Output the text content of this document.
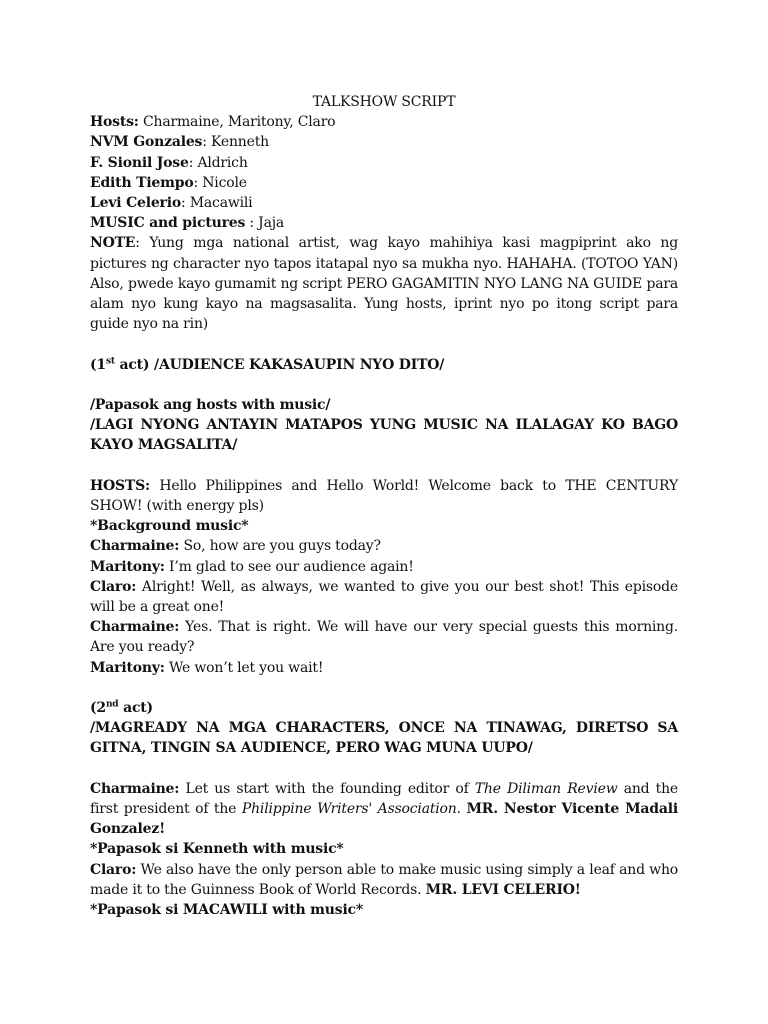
TALKSHOW SCRIPT

Hosts: Charmaine, Maritony, Claro

NVM Gonzales: Kenneth

F. Sionil Jose: Aldrich

Edith Tiempo: Nicole

Levi Celerio: Macawili

MUSIC and pictures : Jaja

NOTE: Yung mga national artist, wag kayo mahihiya kasi magpiprint ako ng pictures ng character nyo tapos itatapal nyo sa mukha nyo. HAHAHA. (TOTOO YAN) Also, pwede kayo gumamit ng script PERO GAGAMITIN NYO LANG NA GUIDE para alam nyo kung kayo na magsasalita. Yung hosts, iprint nyo po itong script para guide nyo na rin)

(1st act) /AUDIENCE KAKASAUPIN NYO DITO/

/Papasok ang hosts with music/

/LAGI NYONG ANTAYIN MATAPOS YUNG MUSIC NA ILALAGAY KO BAGO KAYO MAGSALITA/

HOSTS: Hello Philippines and Hello World! Welcome back to THE CENTURY SHOW! (with energy pls)

*Background music*

Charmaine: So, how are you guys today?

Maritony: I’m glad to see our audience again!

Claro: Alright! Well, as always, we wanted to give you our best shot! This episode will be a great one!

Charmaine: Yes. That is right. We will have our very special guests this morning. Are you ready?

Maritony: We won’t let you wait!

(2nd act)

/MAGREADY NA MGA CHARACTERS, ONCE NA TINAWAG, DIRETSO SA GITNA, TINGIN SA AUDIENCE, PERO WAG MUNA UUPO/

Charmaine: Let us start with the founding editor of The Diliman Review and the first president of the Philippine Writers' Association. MR. Nestor Vicente Madali Gonzalez!

*Papasok si Kenneth with music*

Claro: We also have the only person able to make music using simply a leaf and who made it to the Guinness Book of World Records. MR. LEVI CELERIO!

*Papasok si MACAWILI with music*
